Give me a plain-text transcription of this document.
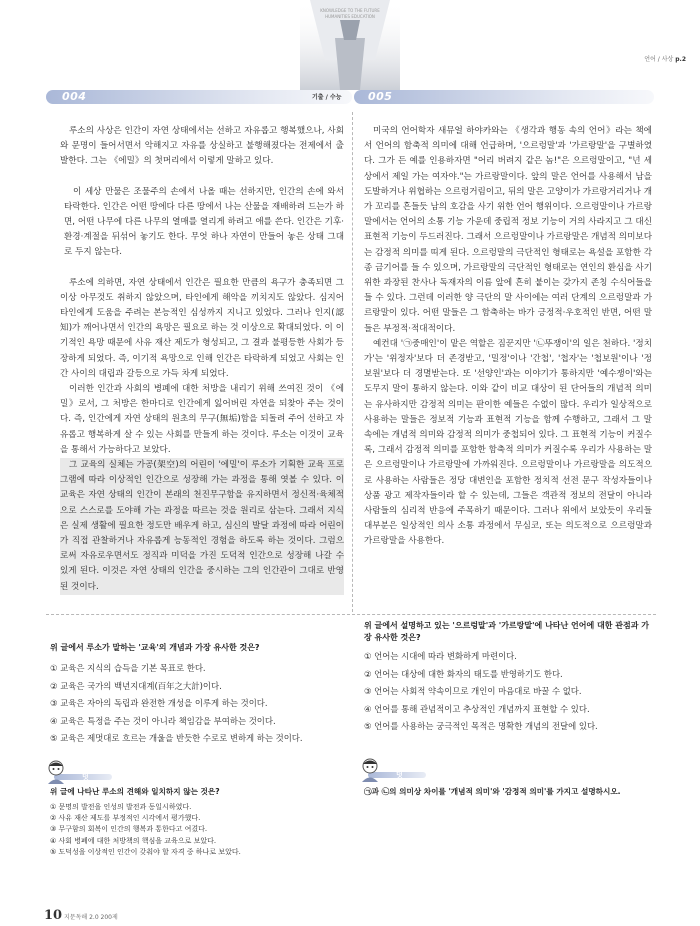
KNOWLEDGE TO THE FUTURE
HUMANITIES EDUCATION
언어 / 사상 p.2
004	기출 / 수능

루소의 사상은 인간이 자연 상태에서는 선하고 자유롭고 행복했으나, 사회와 문명이 들어서면서 악해지고 자유를 상실하고 불행해졌다는 전제에서 출발한다. 그는 《에밀》의 첫머리에서 이렇게 말하고 있다.

이 세상 만물은 조물주의 손에서 나올 때는 선하지만, 인간의 손에 와서 타락한다. 인간은 어떤 땅에다 다른 땅에서 나는 산물을 재배하려 드는가 하면, 어떤 나무에 다른 나무의 열매를 열리게 하려고 애를 쓴다. 인간은 기후·환경·계절을 뒤섞어 놓기도 한다. 무엇 하나 자연이 만들어 놓은 상태 그대로 두지 않는다.

루소에 의하면, 자연 상태에서 인간은 필요한 만큼의 욕구가 충족되면 그 이상 아무것도 취하지 않았으며, 타인에게 해악을 끼치지도 않았다. 심지어 타인에게 도움을 주려는 본능적인 심성까지 지니고 있었다. 그러나 인지(認知)가 깨어나면서 인간의 욕망은 필요로 하는 것 이상으로 확대되었다. 이 이기적인 욕망 때문에 사유 재산 제도가 형성되고, 그 결과 불평등한 사회가 등장하게 되었다. 즉, 이기적 욕망으로 인해 인간은 타락하게 되었고 사회는 인간 사이의 대립과 갈등으로 가득 차게 되었다.

이러한 인간과 사회의 병폐에 대한 처방을 내리기 위해 쓰여진 것이 《에밀》로서, 그 처방은 한마디로 인간에게 잃어버린 자연을 되찾아 주는 것이다. 즉, 인간에게 자연 상태의 원초의 무구(無垢)함을 되돌려 주어 선하고 자유롭고 행복하게 살 수 있는 사회를 만들게 하는 것이다. 루소는 이것이 교육을 통해서 가능하다고 보았다.

그 교육의 실체는 가공(架空)의 어린이 '에밀'이 루소가 기획한 교육 프로그램에 따라 이상적인 인간으로 성장해 가는 과정을 통해 엿볼 수 있다. 이 교육은 자연 상태의 인간이 본래의 천진무구함을 유지하면서 정신적·육체적으로 스스로를 도야해 가는 과정을 따르는 것을 원리로 삼는다. 그래서 지식은 실제 생활에 필요한 정도만 배우게 하고, 심신의 발달 과정에 따라 어린이가 직접 관찰하거나 자유롭게 능동적인 경험을 하도록 하는 것이다. 그럼으로써 자유로우면서도 정직과 미덕을 가진 도덕적 인간으로 성장해 나갈 수 있게 된다. 이것은 자연 상태의 인간을 중시하는 그의 인간관이 그대로 반영된 것이다.

005

미국의 언어학자 새뮤얼 하야카와는 《생각과 행동 속의 언어》라는 책에서 언어의 함축적 의미에 대해 언급하며, '으르렁말'과 '가르랑말'을 구별하였다. 그가 든 예를 인용하자면 "어리 버려지 같은 놈!"은 으르렁말이고, "넌 세상에서 제일 가는 여자야."는 가르랑말이다. 앞의 말은 언어를 사용해서 남을 도발하거나 위협하는 으르렁거림이고, 뒤의 말은 고양이가 가르랑거리거나 개가 꼬리를 흔들듯 남의 호감을 사기 위한 언어 행위이다. 으르렁말이나 가르랑말에서는 언어의 소통 기능 가운데 중립적 정보 기능이 거의 사라지고 그 대신 표현적 기능이 두드러진다. 그래서 으르렁말이나 가르랑말은 개념적 의미보다는 감정적 의미를 띠게 된다. 으르렁말의 극단적인 형태로는 욕설을 포함한 각종 금기어를 들 수 있으며, 가르랑말의 극단적인 형태로는 연인의 환심을 사기 위한 과장된 찬사나 독재자의 이름 앞에 흔히 붙이는 갖가지 존칭 수식어들을 들 수 있다. 그런데 이러한 양 극단의 말 사이에는 여러 단계의 으르렁말과 가르랑말이 있다. 어떤 말들은 그 함축하는 바가 긍정적·우호적인 반면, 어떤 말들은 부정적·적대적이다.

예컨대 '㉠중매인'이 맡은 역할은 짐꾼지만 '㉡뚜쟁이'의 일은 천하다. '정치가'는 '위정자'보다 더 존경받고, '밀정'이나 '간첩', '첩자'는 '첩보원'이나 '정보원'보다 더 경멸받는다. 또 '선양인'과는 이야기가 통하지만 '예수쟁이'와는 도무지 말이 통하지 않는다. 이와 같이 비교 대상이 된 단어들의 개념적 의미는 유사하지만 감정적 의미는 판이한 예들은 수없이 많다. 우리가 일상적으로 사용하는 말들은 정보적 기능과 표현적 기능을 함께 수행하고, 그래서 그 말 속에는 개념적 의미와 감정적 의미가 중첩되어 있다. 그 표현적 기능이 커질수록, 그래서 감정적 의미를 포함한 함축적 의미가 커질수록 우리가 사용하는 말은 으르렁말이나 가르랑말에 가까워진다. 으르렁말이나 가르랑말을 의도적으로 사용하는 사람들은 정당 대변인을 포함한 정치적 선전 문구 작성자들이나 상품 광고 제작자들이라 할 수 있는데, 그들은 객관적 정보의 전달이 아니라 사람들의 심리적 반응에 주목하기 때문이다. 그러나 위에서 보았듯이 우리들 대부분은 일상적인 의사 소통 과정에서 무심코, 또는 의도적으로 으르렁말과 가르랑말을 사용한다.

위 글에서 루소가 말하는 '교육'의 개념과 가장 유사한 것은?
① 교육은 지식의 습득을 기본 목표로 한다.
② 교육은 국가의 백년지대계(百年之大計)이다.
③ 교육은 자아의 독립과 완전한 개성을 이루게 하는 것이다.
④ 교육은 특정을 주는 것이 아니라 책임감을 부여하는 것이다.
⑤ 교육은 제멋대로 흐르는 개울을 반듯한 수로로 변하게 하는 것이다.
덧
위 글에 나타난 루소의 견해와 일치하지 않는 것은?
① 문명의 발전을 인성의 발전과 동일시하였다.
② 사유 재산 제도를 부정적인 시각에서 평가했다.
③ 무구함의 회복이 인간의 행복과 통한다고 여겼다.
④ 사회 병폐에 대한 처방책의 핵심을 교육으로 보았다.
⑤ 도덕성을 이상적인 인간이 갖춰야 할 자격 중 하나로 보았다.
위 글에서 설명하고 있는 '으르렁말'과 '가르랑말'에 나타난 언어에 대한 관점과 가장 유사한 것은?
① 언어는 시대에 따라 변화하게 마련이다.
② 언어는 대상에 대한 화자의 태도를 반영하기도 한다.
③ 언어는 사회적 약속이므로 개인이 마음대로 바꿀 수 없다.
④ 언어를 통해 관념적이고 추상적인 개념까지 표현할 수 있다.
⑤ 언어를 사용하는 궁극적인 목적은 명확한 개념의 전달에 있다.
덧
㉠과 ㉡의 의미상 차이를 '개념적 의미'와 '감정적 의미'를 가지고 설명하시오.
10 지문독해 2.0 200제
